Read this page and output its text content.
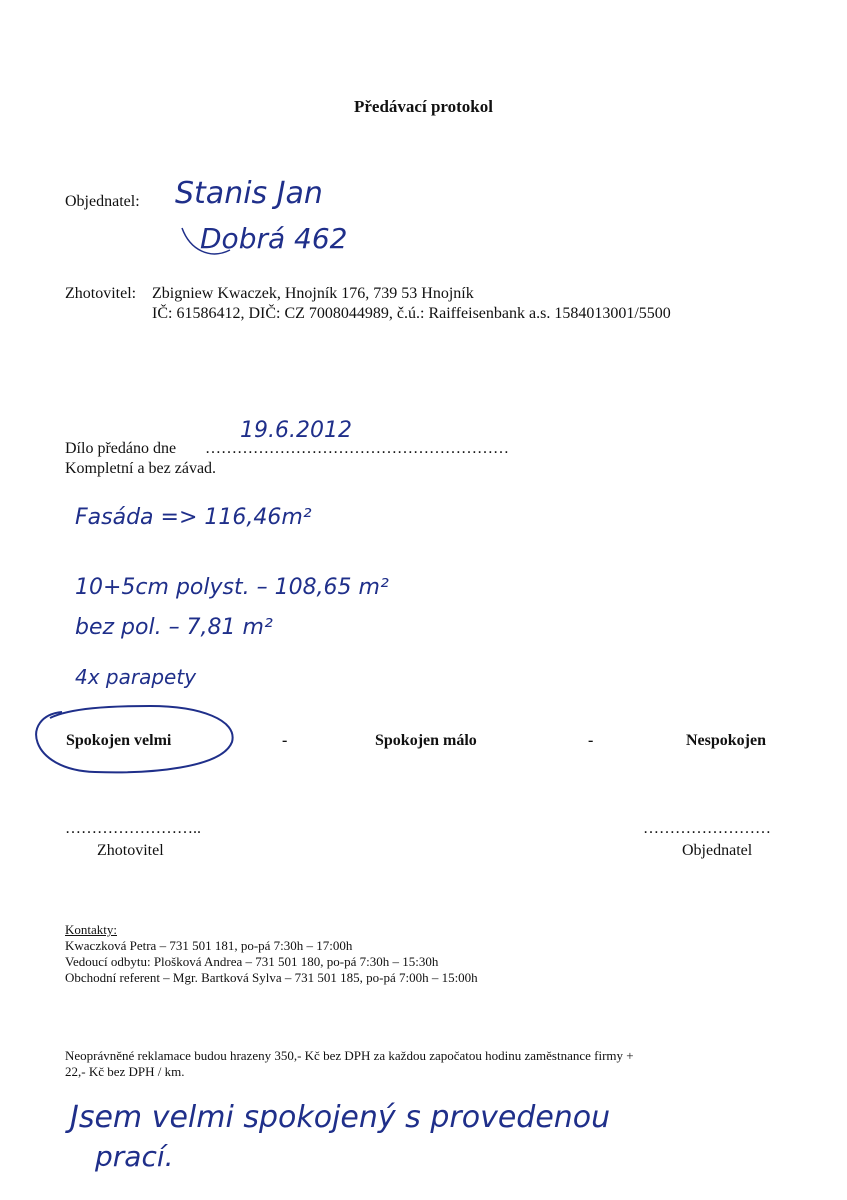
Předávací protokol
Objednatel: Stanis Jan
Dobrá 462
Zhotovitel: Zbigniew Kwaczek, Hnojník 176, 739 53 Hnojník
IČ: 61586412, DIČ: CZ 7008044989, č.ú.: Raiffeisenbank a.s. 1584013001/5500
Dílo předáno dne …………………………………………………
19.6.2012
Kompletní a bez závad.
Fasáda => 116,46m²
10+5cm polyst. – 108,65 m²
bez pol. – 7,81 m²
4x parapety
Spokojen velmi	-	Spokojen málo	-	Nespokojen
……………………..
Zhotovitel
……………………
Objednatel
Kontakty:
Kwaczková Petra – 731 501 181, po-pá 7:30h – 17:00h
Vedoucí odbytu: Plošková Andrea – 731 501 180, po-pá 7:30h – 15:30h
Obchodní referent – Mgr. Bartková Sylva – 731 501 185, po-pá 7:00h – 15:00h
Neoprávněné reklamace budou hrazeny 350,- Kč bez DPH za každou započatou hodinu zaměstnance firmy +
22,- Kč bez DPH / km.
Jsem velmi spokojený s provedenou
prací.
